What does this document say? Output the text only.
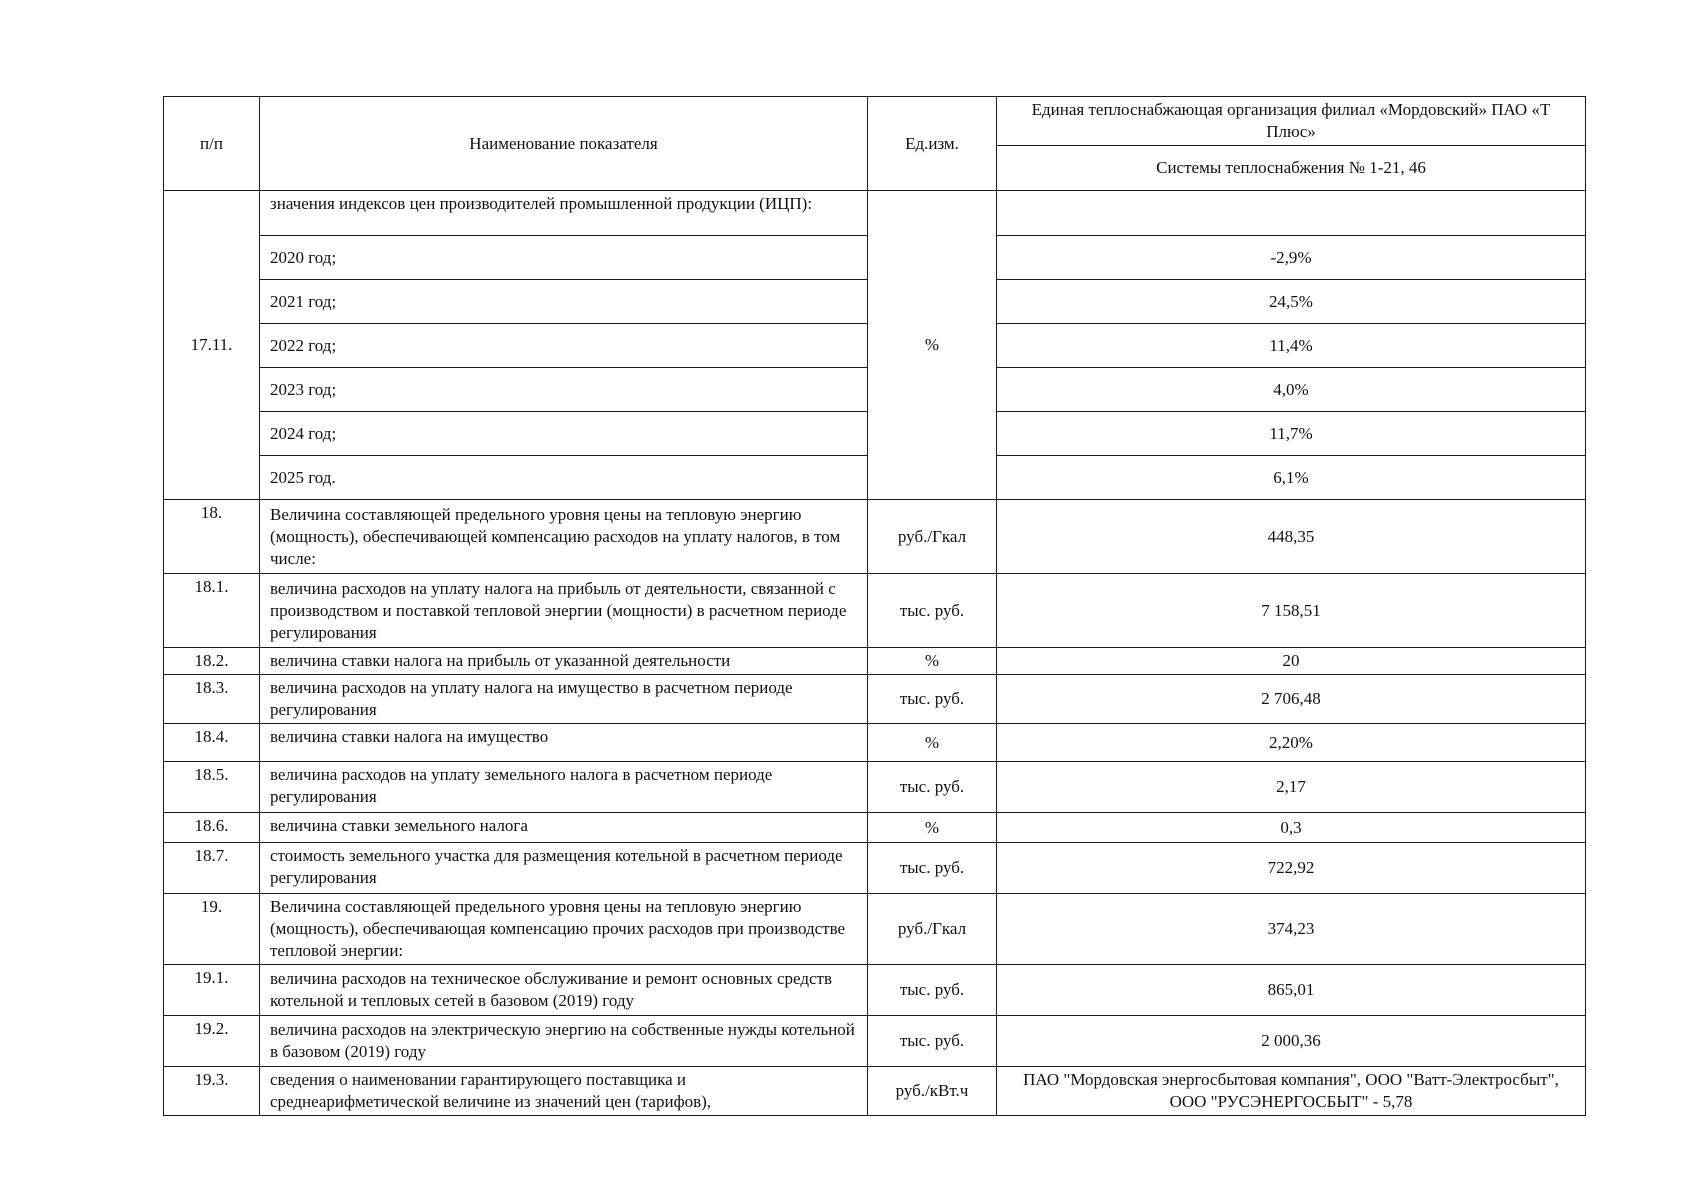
п/п	Наименование показателя	Ед.изм.	Единая теплоснабжающая организация филиал «Мордовский» ПАО «Т Плюс»
			Системы теплоснабжения № 1-21, 46
17.11.	значения индексов цен производителей промышленной продукции (ИЦП):	%	
	2020 год;		-2,9%
	2021 год;		24,5%
	2022 год;		11,4%
	2023 год;		4,0%
	2024 год;		11,7%
	2025 год.		6,1%
18.	Величина составляющей предельного уровня цены на тепловую энергию (мощность), обеспечивающей компенсацию расходов на уплату налогов, в том числе:	руб./Гкал	448,35
18.1.	величина расходов на уплату налога на прибыль от деятельности, связанной с производством и поставкой тепловой энергии (мощности) в расчетном периоде регулирования	тыс. руб.	7 158,51
18.2.	величина ставки налога на прибыль от указанной деятельности	%	20
18.3.	величина расходов на уплату налога на имущество в расчетном периоде регулирования	тыс. руб.	2 706,48
18.4.	величина ставки налога на имущество	%	2,20%
18.5.	величина расходов на уплату земельного налога в расчетном периоде регулирования	тыс. руб.	2,17
18.6.	величина ставки земельного налога	%	0,3
18.7.	стоимость земельного участка для размещения котельной в расчетном периоде регулирования	тыс. руб.	722,92
19.	Величина составляющей предельного уровня цены на тепловую энергию (мощность), обеспечивающая компенсацию прочих расходов при производстве тепловой энергии:	руб./Гкал	374,23
19.1.	величина расходов на техническое обслуживание и ремонт основных средств котельной и тепловых сетей в базовом (2019) году	тыс. руб.	865,01
19.2.	величина расходов на электрическую энергию на собственные нужды котельной в базовом (2019) году	тыс. руб.	2 000,36
19.3.	сведения о наименовании гарантирующего поставщика и среднеарифметической величине из значений цен (тарифов),	руб./кВт.ч	ПАО "Мордовская энергосбытовая компания", ООО "Ватт-Электросбыт", ООО "РУСЭНЕРГОСБЫТ" - 5,78
